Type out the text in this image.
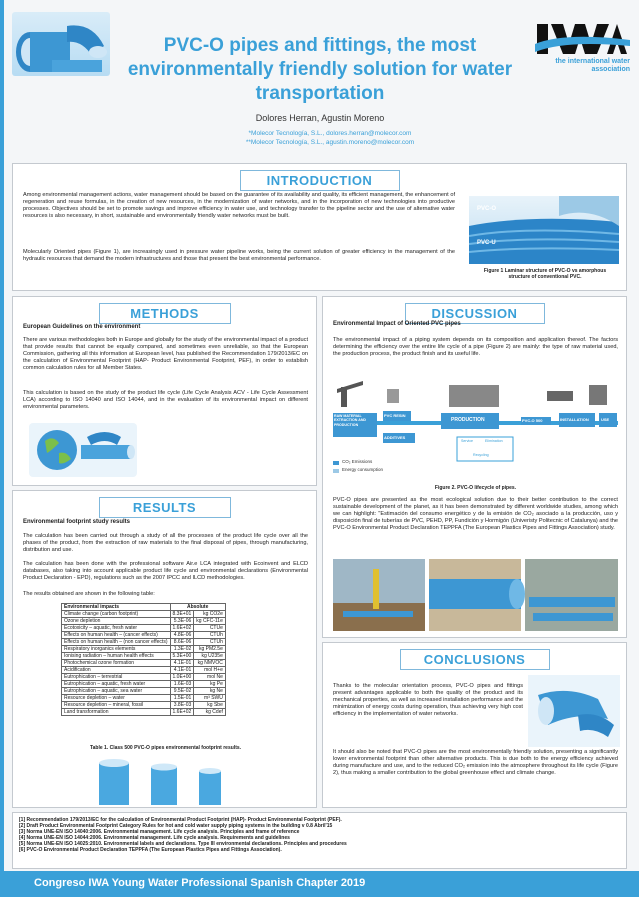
PVC-O pipes and fittings, the most environmentally friendly solution for water transportation
Dolores Herran, Agustin Moreno
*Molecor Tecnología, S.L., dolores.herran@molecor.com
**Molecor Tecnología, S.L., agustin.moreno@molecor.com
the international water association
INTRODUCTION
Among environmental management actions, water management should be based on the guarantee of its availability and quality, its efficient management, the enhancement of regeneration and reuse formulas, in the creation of new resources, in the modernization of water networks, and in the incorporation of new technologies into productive processes. Objectives should be set to promote savings and improve efficiency in water use, and technology transfer to the pipeline sector and the use of alternative water resources is also necessary, in short, sustainable and environmentally friendly water networks must be built.
Molecularly Oriented pipes (Figure 1), are increasingly used in pressure water pipeline works, being the current solution of greater efficiency in the management of the hydraulic resources that demand the modern infrastructures and those that present the best environmental performance.
PVC-O
PVC-U
Figure 1 Laminar structure of PVC-O vs amorphous structure of conventional PVC.
METHODS
European Guidelines on the environment
There are various methodologies both in Europe and globally for the study of the environmental impact of a product that provide results that cannot be equally compared, and sometimes even unreliable, so that the European Commission, gathering all this information at European level, has published the Recommendation 179/2013/EC on the calculation of Environmental Footprint (HAP- Product Environmental Footprint, PEF), in order to establish common calculation rules for all Member States.
This calculation is based on the study of the product life cycle (Life Cycle Analysis ACV - Life Cycle Assessment LCA) according to ISO 14040 and ISO 14044, and in the evaluation of its environmental impact on different environmental parameters.
RESULTS
Environmental footprint study results
The calculation has been carried out through a study of all the processes of the product life cycle over all the phases of the product, from the extraction of raw materials to the final disposal of pipes, through manufacturing, distribution and use.
The calculation has been done with the professional software Air.e LCA integrated with Ecoinvent and ELCD databases, also taking into account applicable product life cycle and environmental declarations (Environmental Product Declaration - EPD), regulations such as the 2007 IPCC and ILCD methodologies.
The results obtained are shown in the following table:
Environmental impacts	Absolute	
Climate change (carbon footprint)	8.3E+01	kg CO2e
Ozone depletion	5.3E-06	kg CFC-11e
Ecotoxicity – aquatic, fresh water	1.6E+02	CTUe
Effects on human health – (cancer effects)	4.8E-06	CTUh
Effects on human health – (non cancer effects)	8.6E-06	CTUh
Respiratory inorganics elements	1.3E-02	kg PM2.5e
Ionising radiation – human health effects	5.3E+00	kg U235e
Photochemical ozone formation	4.1E-01	kg NMVOC
Acidification	4.1E-01	mol H+e
Eutrophication – terrestrial	1.0E+00	mol Ne
Eutrophication – aquatic, fresh water	1.6E-03	kg Pe
Eutrophication – aquatic, sea water	9.5E-02	kg Ne
Resource depletion – water	1.5E-01	m³ SWU
Resource depletion – mineral, fossil	3.8E-03	kg Sbe
Land transformation	1.6E+02	kg Cdef
Table 1. Class 500 PVC-O pipes environmental footprint results.
DISCUSSION
Environmental Impact of Oriented PVC pipes
The environmental impact of a piping system depends on its composition and application thereof. The factors determining the efficiency over the entire life cycle of a pipe (Figure 2) are mainly: the type of raw material used, the production process, the product finish and its useful life.
RAW MATERIAL EXTRACTION AND PRODUCTION
PVC RESIN
ADDITIVES
PRODUCTION	PVC-O 500	INSTALLATION	USE
Service	Elimination
Recycling
CO₂ Emissions
Energy consumption
Figure 2. PVC-O lifecycle of pipes.
PVC-O pipes are presented as the most ecological solution due to their better contribution to the correct sustainable development of the planet, as it has been demonstrated by different worldwide studies, among which we can highlight: "Estimación del consumo energético y de la emisión de CO₂ asociado a la producción, uso y disposición final de tuberías de PVC, PEHD, PP, Fundición y Hormigón (Univeristy Politecnic of Catalunya) and the PVC-O Environmental Product Declaration TEPPFA (The European Plastics Pipes and Fittings Association) study.
CONCLUSIONS
Thanks to the molecular orientation process, PVC-O pipes and fittings present advantages applicable to both the quality of the product and its mechanical properties, as well as increased installation performance and the minimization of energy costs during operation, thus achieving very high cost efficiency in the implementation of water networks.
It should also be noted that PVC-O pipes are the most environmentally friendly solution, presenting a significantly lower environmental footprint than other alternative products. This is due both to the energy efficiency achieved during manufacture and use, and to the reduced CO₂ emission into the atmosphere throughout its life cycle (Figure 2), thus making a smaller contribution to the global greenhouse effect and climate change.
[1] Recommendation 179/2013/EC for the calculation of Environmental Product Footprint (HAP)- Product Environmental Footprint (PEF).
[2] Draft Product Environmental Footprint Category Rules for hot and cold water supply piping systems in the building v 0.8 Abril'15
[3] Norma UNE-EN ISO 14040:2006. Environmental management. Life cycle analysis. Principles and frame of reference
[4] Norma UNE-EN ISO 14044:2006. Environmental management. Life cycle analysis. Requirements and guidelines
[5] Norma UNE-EN ISO 14025:2010. Environmental labels and declarations. Type III environmental declarations. Principles and procedures
[6] PVC-O Environmental Product Declaration TEPPFA (The European Plastics Pipes and Fittings Association).
Congreso IWA Young Water Professional Spanish Chapter 2019
